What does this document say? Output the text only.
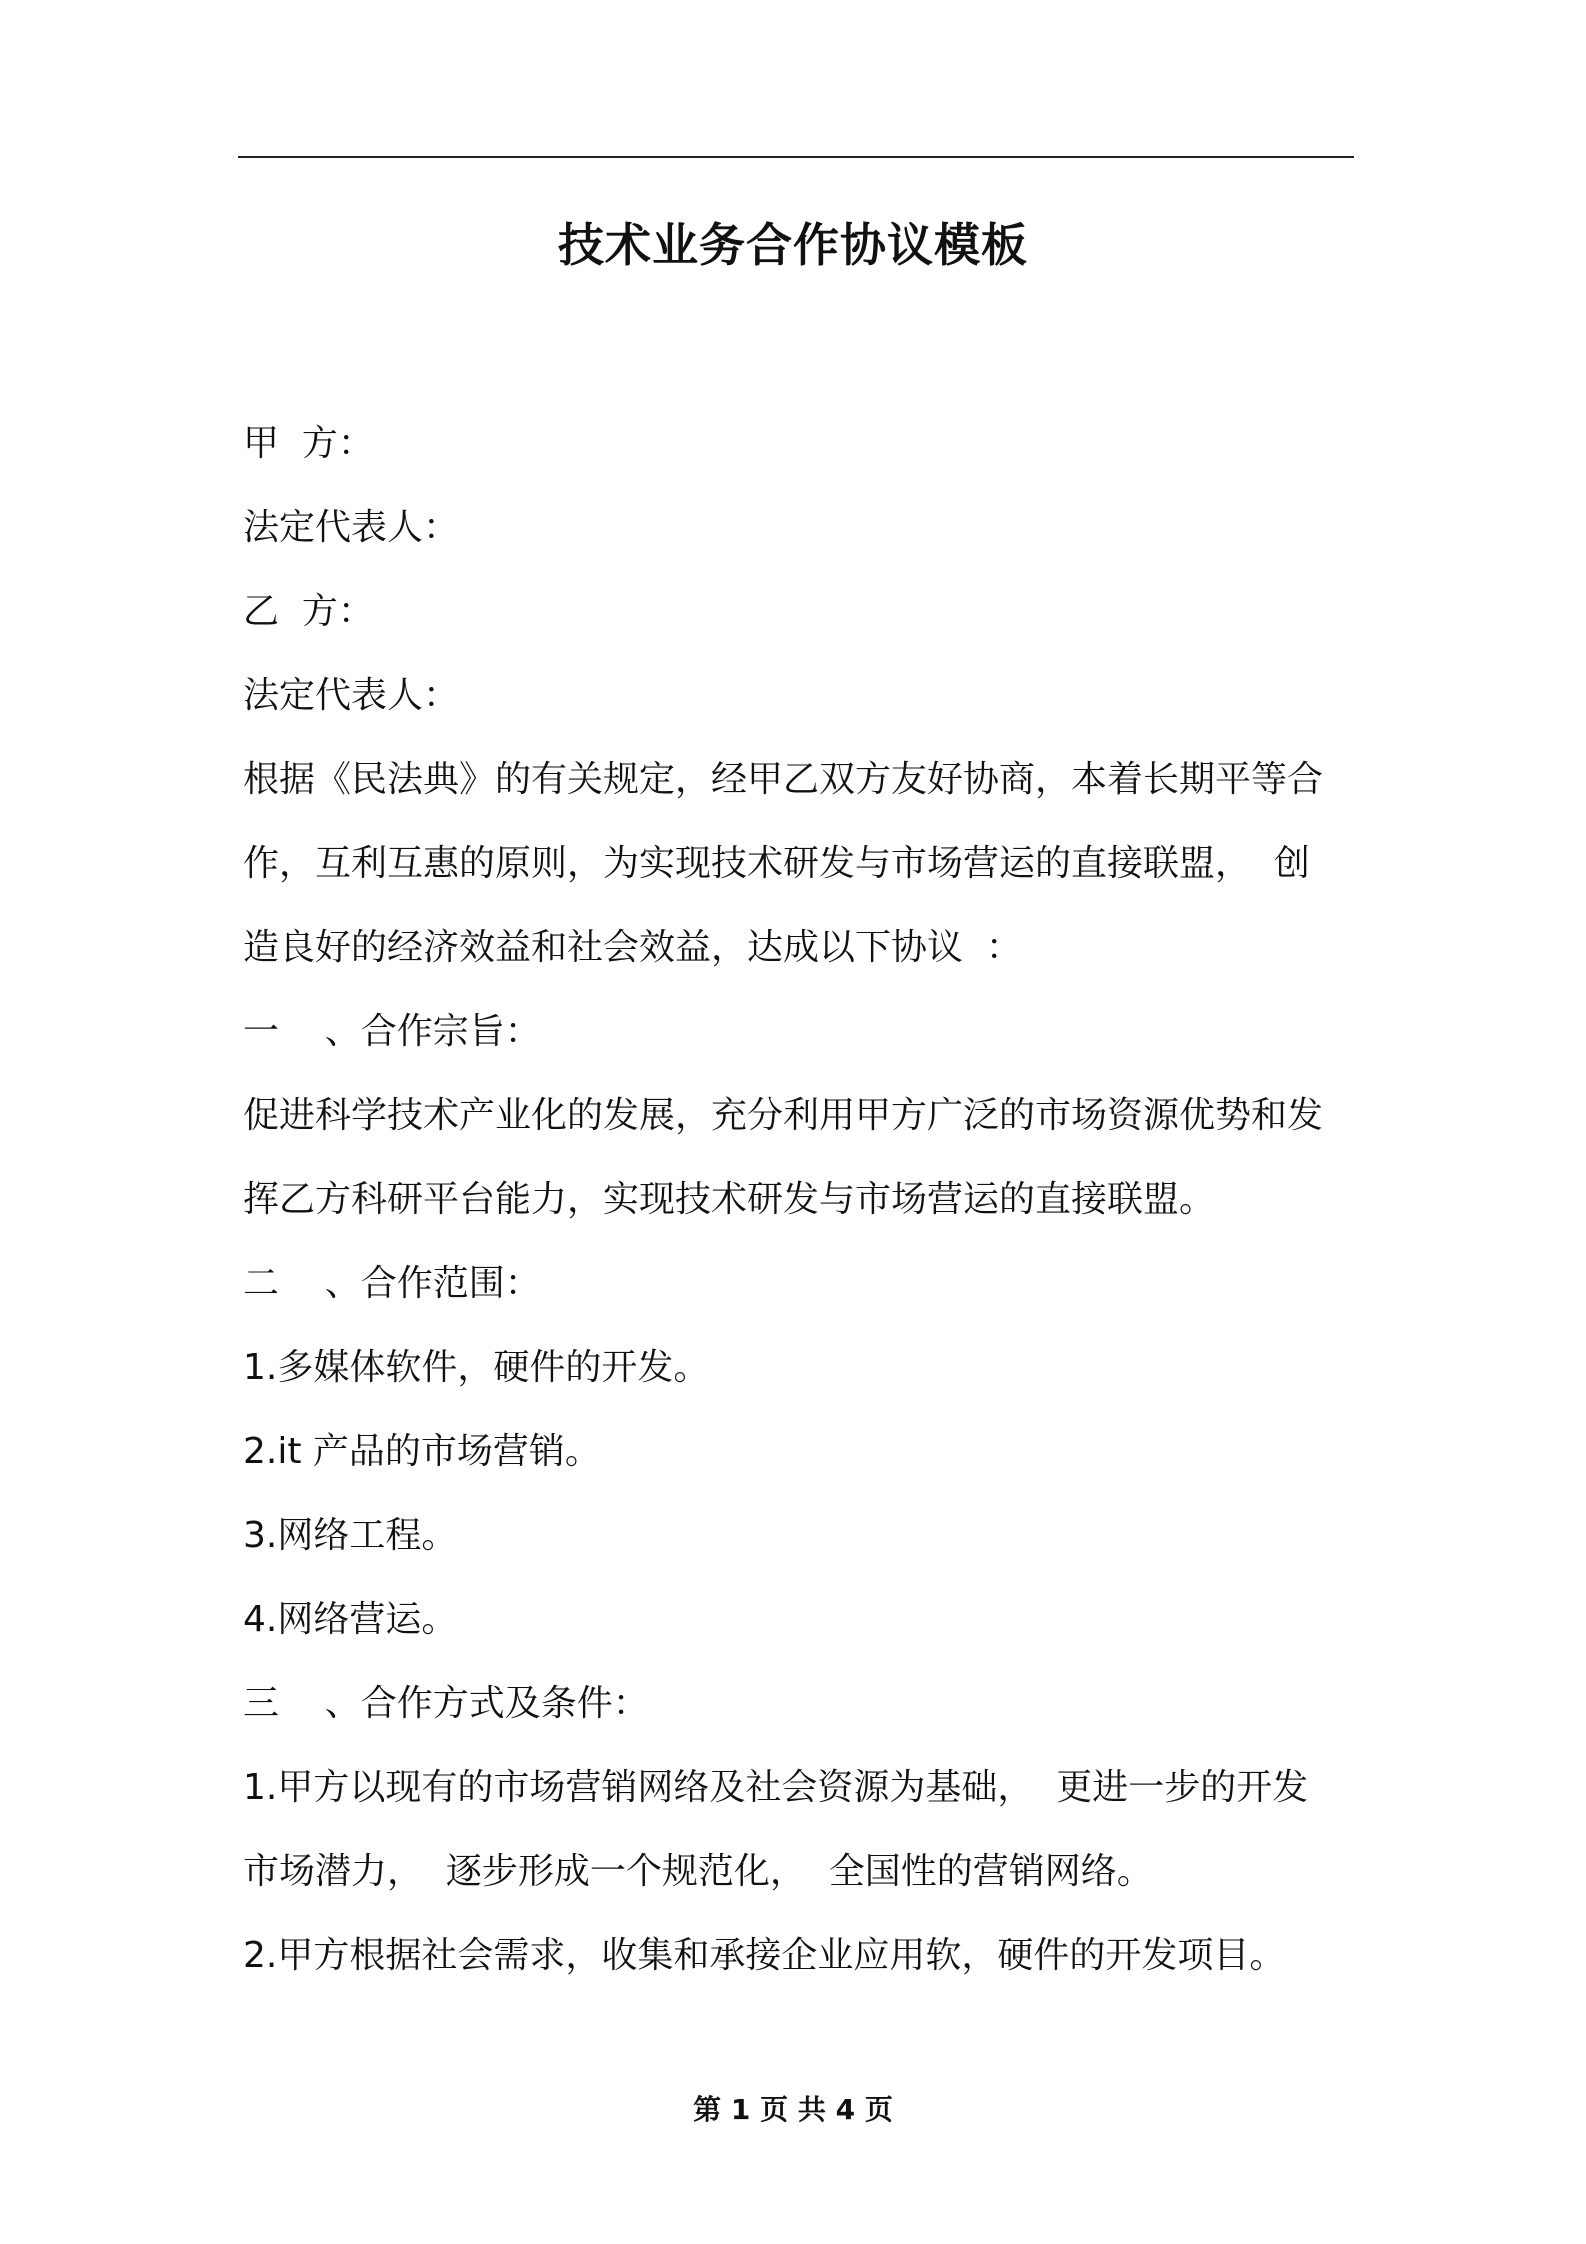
技术业务合作协议模板
甲  方：
法定代表人：
乙  方：
法定代表人：
根据《民法典》的有关规定，经甲乙双方友好协商，本着长期平等合
作，互利互惠的原则，为实现技术研发与市场营运的直接联盟，  创
造良好的经济效益和社会效益，达成以下协议  ：
一    、合作宗旨：
促进科学技术产业化的发展，充分利用甲方广泛的市场资源优势和发
挥乙方科研平台能力，实现技术研发与市场营运的直接联盟。
二    、合作范围：
1.多媒体软件，硬件的开发。
2.it 产品的市场营销。
3.网络工程。
4.网络营运。
三    、合作方式及条件：
1.甲方以现有的市场营销网络及社会资源为基础，  更进一步的开发
市场潜力，  逐步形成一个规范化，  全国性的营销网络。
2.甲方根据社会需求，收集和承接企业应用软，硬件的开发项目。
第 1 页 共 4 页
